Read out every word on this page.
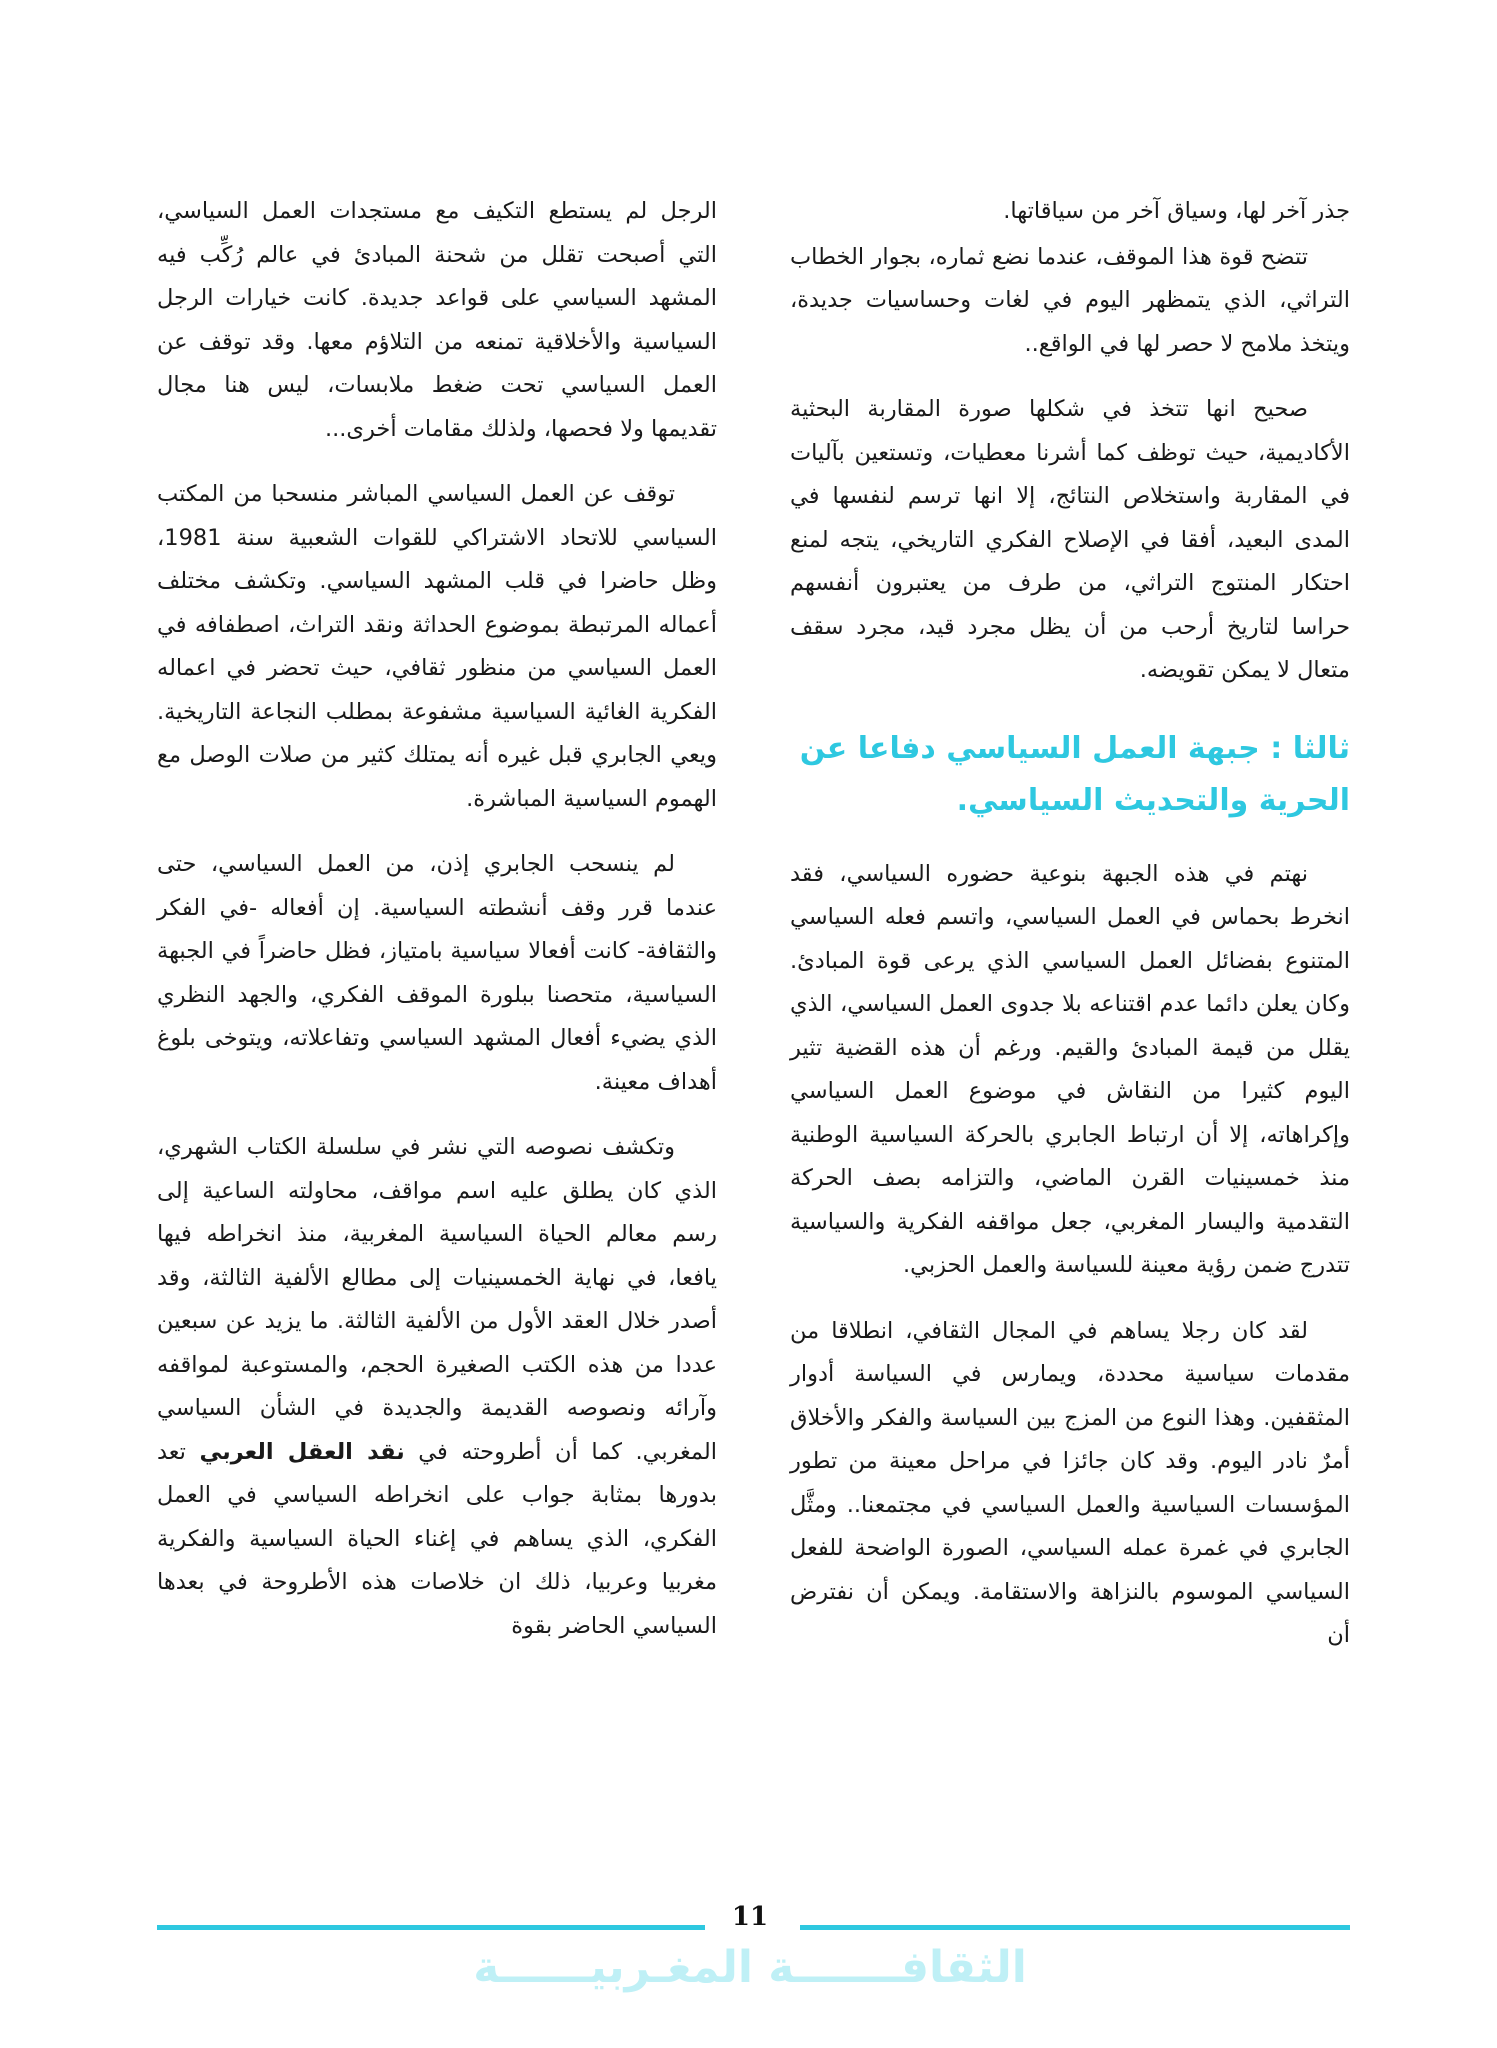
جذر آخر لها، وسياق آخر من سياقاتها.

تتضح قوة هذا الموقف، عندما نضع ثماره، بجوار الخطاب التراثي، الذي يتمظهر اليوم في لغات وحساسيات جديدة، ويتخذ ملامح لا حصر لها في الواقع..

صحيح انها تتخذ في شكلها صورة المقاربة البحثية الأكاديمية، حيث توظف كما أشرنا معطيات، وتستعين بآليات في المقاربة واستخلاص النتائج، إلا انها ترسم لنفسها في المدى البعيد، أفقا في الإصلاح الفكري التاريخي، يتجه لمنع احتكار المنتوج التراثي، من طرف من يعتبرون أنفسهم حراسا لتاريخ أرحب من أن يظل مجرد قيد، مجرد سقف متعال لا يمكن تقويضه.

ثالثا : جبهة العمل السياسي دفاعا عن الحرية والتحديث السياسي.

نهتم في هذه الجبهة بنوعية حضوره السياسي، فقد انخرط بحماس في العمل السياسي، واتسم فعله السياسي المتنوع بفضائل العمل السياسي الذي يرعى قوة المبادئ. وكان يعلن دائما عدم اقتناعه بلا جدوى العمل السياسي، الذي يقلل من قيمة المبادئ والقيم. ورغم أن هذه القضية تثير اليوم كثيرا من النقاش في موضوع العمل السياسي وإكراهاته، إلا أن ارتباط الجابري بالحركة السياسية الوطنية منذ خمسينيات القرن الماضي، والتزامه بصف الحركة التقدمية واليسار المغربي، جعل مواقفه الفكرية والسياسية تتدرج ضمن رؤية معينة للسياسة والعمل الحزبي.

لقد كان رجلا يساهم في المجال الثقافي، انطلاقا من مقدمات سياسية محددة، ويمارس في السياسة أدوار المثقفين. وهذا النوع من المزج بين السياسة والفكر والأخلاق أمرٌ نادر اليوم. وقد كان جائزا في مراحل معينة من تطور المؤسسات السياسية والعمل السياسي في مجتمعنا.. ومثَّل الجابري في غمرة عمله السياسي، الصورة الواضحة للفعل السياسي الموسوم بالنزاهة والاستقامة. ويمكن أن نفترض أن

الرجل لم يستطع التكيف مع مستجدات العمل السياسي، التي أصبحت تقلل من شحنة المبادئ في عالم رُكِّب فيه المشهد السياسي على قواعد جديدة. كانت خيارات الرجل السياسية والأخلاقية تمنعه من التلاؤم معها. وقد توقف عن العمل السياسي تحت ضغط ملابسات، ليس هنا مجال تقديمها ولا فحصها، ولذلك مقامات أخرى...

توقف عن العمل السياسي المباشر منسحبا من المكتب السياسي للاتحاد الاشتراكي للقوات الشعبية سنة 1981، وظل حاضرا في قلب المشهد السياسي. وتكشف مختلف أعماله المرتبطة بموضوع الحداثة ونقد التراث، اصطفافه في العمل السياسي من منظور ثقافي، حيث تحضر في اعماله الفكرية الغائية السياسية مشفوعة بمطلب النجاعة التاريخية. ويعي الجابري قبل غيره أنه يمتلك كثير من صلات الوصل مع الهموم السياسية المباشرة.

لم ينسحب الجابري إذن، من العمل السياسي، حتى عندما قرر وقف أنشطته السياسية. إن أفعاله -في الفكر والثقافة- كانت أفعالا سياسية بامتياز، فظل حاضراً في الجبهة السياسية، متحصنا ببلورة الموقف الفكري، والجهد النظري الذي يضيء أفعال المشهد السياسي وتفاعلاته، ويتوخى بلوغ أهداف معينة.

وتكشف نصوصه التي نشر في سلسلة الكتاب الشهري، الذي كان يطلق عليه اسم مواقف، محاولته الساعية إلى رسم معالم الحياة السياسية المغربية، منذ انخراطه فيها يافعا، في نهاية الخمسينيات إلى مطالع الألفية الثالثة، وقد أصدر خلال العقد الأول من الألفية الثالثة. ما يزيد عن سبعين عددا من هذه الكتب الصغيرة الحجم، والمستوعبة لمواقفه وآرائه ونصوصه القديمة والجديدة في الشأن السياسي المغربي. كما أن أطروحته في نقد العقل العربي تعد بدورها بمثابة جواب على انخراطه السياسي في العمل الفكري، الذي يساهم في إغناء الحياة السياسية والفكرية مغربيا وعربيا، ذلك ان خلاصات هذه الأطروحة في بعدها السياسي الحاضر بقوة

11
الثقافـــــــة المغـربيــــــة
